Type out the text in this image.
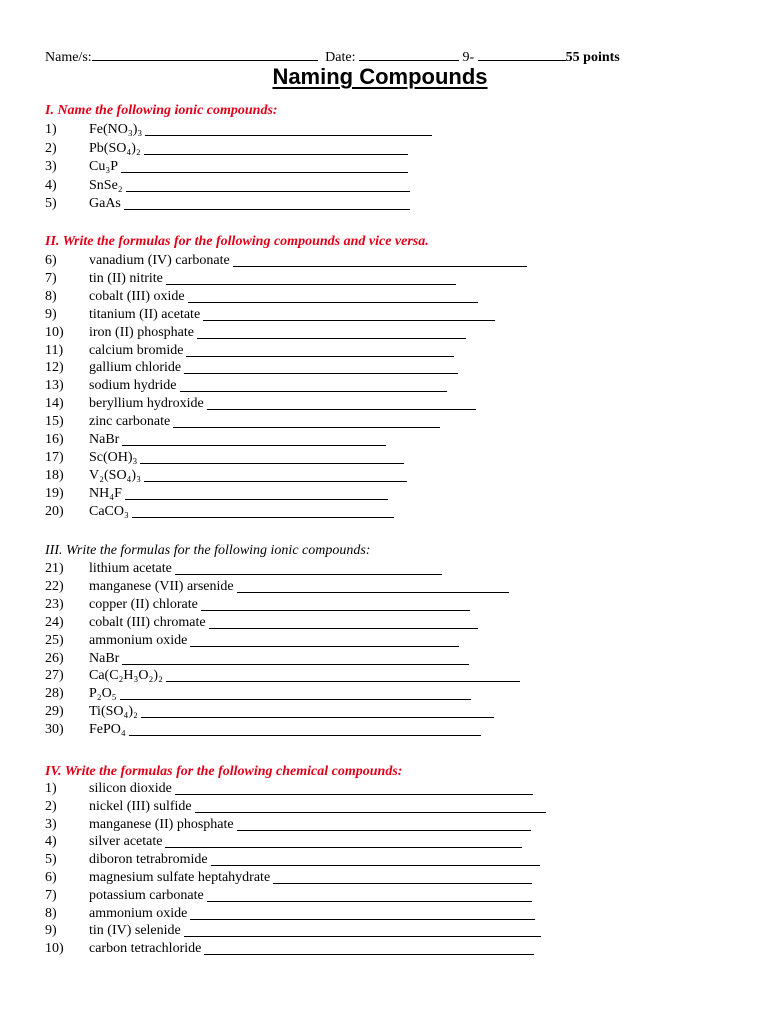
Name/s:	Date:	9-	55 points
Naming Compounds
I. Name the following ionic compounds:
1)	Fe(NO₃)₃
2)	Pb(SO₄)₂
3)	Cu₃P
4)	SnSe₂
5)	GaAs
II. Write the formulas for the following compounds and vice versa.
6)	vanadium (IV) carbonate
7)	tin (II) nitrite
8)	cobalt (III) oxide
9)	titanium (II) acetate
10)	iron (II) phosphate
11)	calcium bromide
12)	gallium chloride
13)	sodium hydride
14)	beryllium hydroxide
15)	zinc carbonate
16)	NaBr
17)	Sc(OH)₃
18)	V₂(SO₄)₃
19)	NH₄F
20)	CaCO₃
III. Write the formulas for the following ionic compounds:
21)	lithium acetate
22)	manganese (VII) arsenide
23)	copper (II) chlorate
24)	cobalt (III) chromate
25)	ammonium oxide
26)	NaBr
27)	Ca(C₂H₃O₂)₂
28)	P₂O₅
29)	Ti(SO₄)₂
30)	FePO₄
IV. Write the formulas for the following chemical compounds:
1)	silicon dioxide
2)	nickel (III) sulfide
3)	manganese (II) phosphate
4)	silver acetate
5)	diboron tetrabromide
6)	magnesium sulfate heptahydrate
7)	potassium carbonate
8)	ammonium oxide
9)	tin (IV) selenide
10)	carbon tetrachloride
